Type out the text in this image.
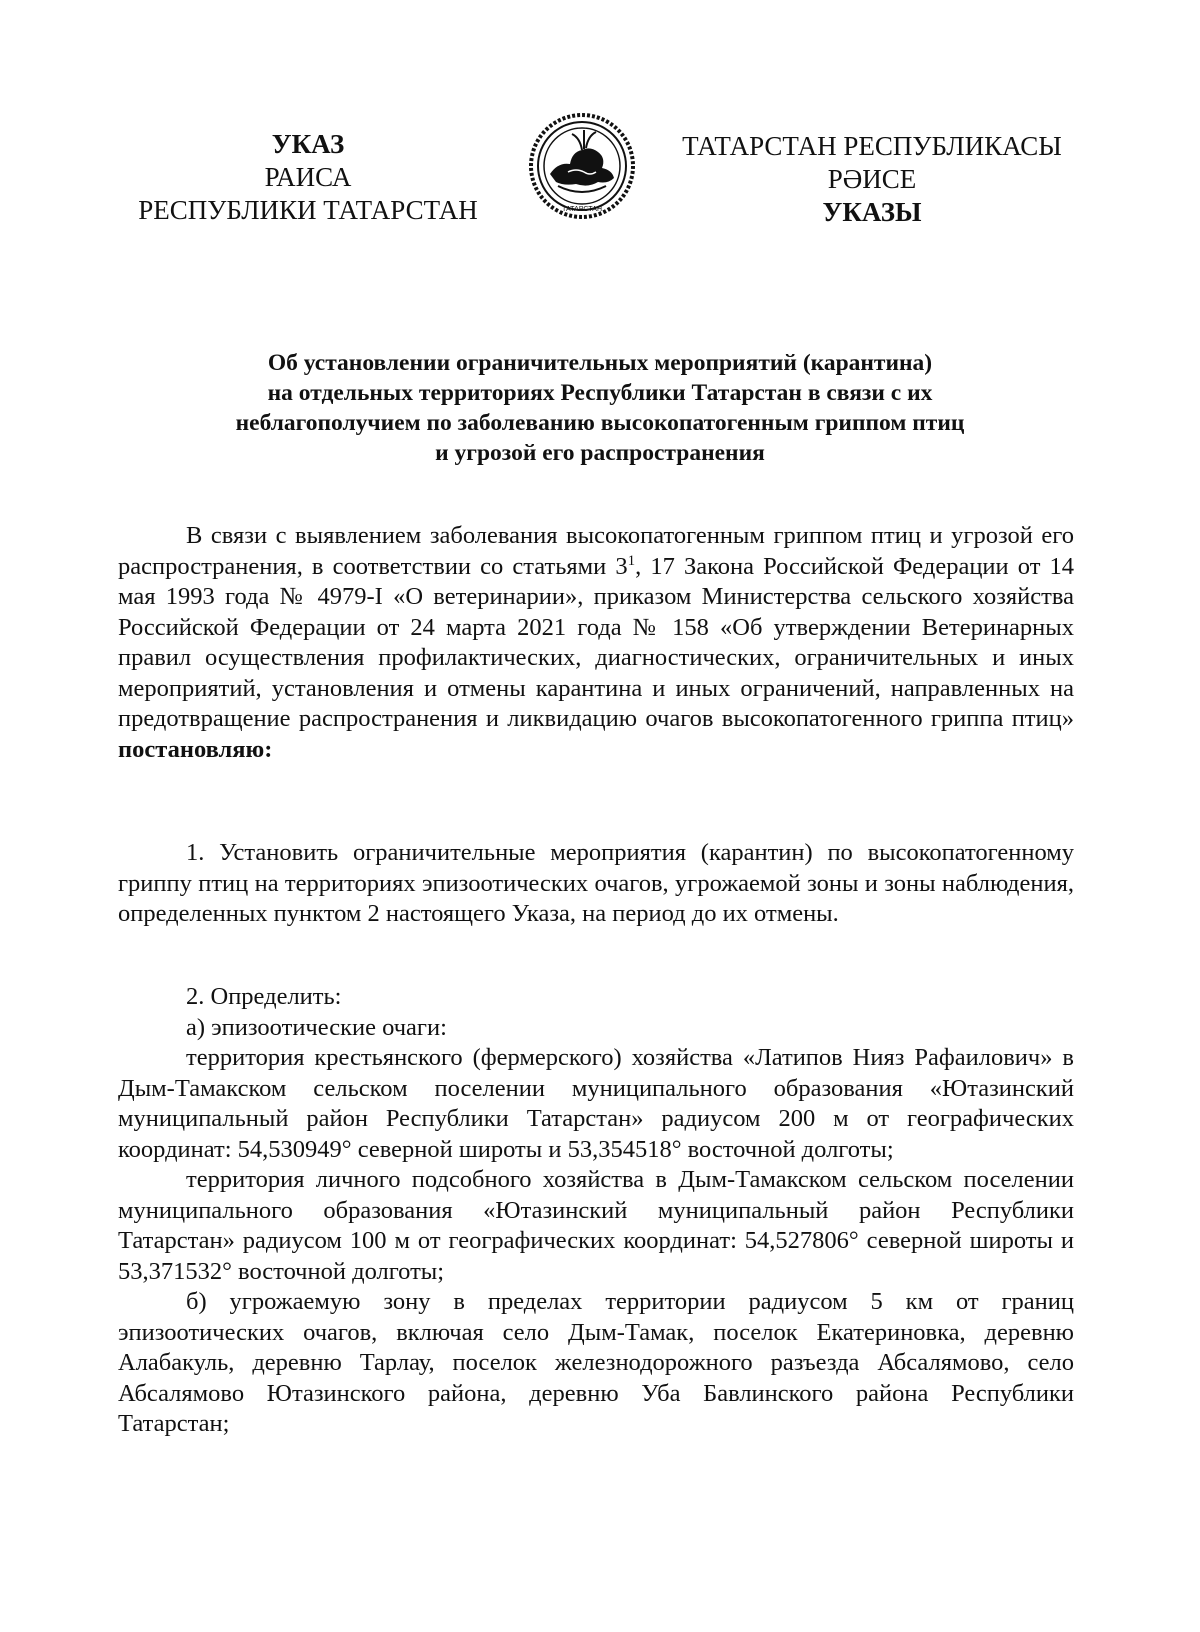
УКАЗ
РАИСА
РЕСПУБЛИКИ ТАТАРСТАН	ТАТАРСТАН
ТАТАРСТАН РЕСПУБЛИКАСЫ
РӘИСЕ
УКАЗЫ
Об установлении ограничительных мероприятий (карантина)
на отдельных территориях Республики Татарстан в связи с их
неблагополучием по заболеванию высокопатогенным гриппом птиц
и угрозой его распространения

В связи с выявлением заболевания высокопатогенным гриппом птиц и угрозой его распространения, в соответствии со статьями $3^1$, 17 Закона Российской Федерации от 14 мая 1993 года № 4979-I «О ветеринарии», приказом Министерства сельского хозяйства Российской Федерации от 24 марта 2021 года № 158 «Об утверждении Ветеринарных правил осуществления профилактических, диагностических, ограничительных и иных мероприятий, установления и отмены карантина и иных ограничений, направленных на предотвращение распространения и ликвидацию очагов высокопатогенного гриппа птиц» постановляю:

1. Установить ограничительные мероприятия (карантин) по высокопатогенному гриппу птиц на территориях эпизоотических очагов, угрожаемой зоны и зоны наблюдения, определенных пунктом 2 настоящего Указа, на период до их отмены.

2. Определить:

а) эпизоотические очаги:

территория крестьянского (фермерского) хозяйства «Латипов Нияз Рафаилович» в Дым-Тамакском сельском поселении муниципального образования «Ютазинский муниципальный район Республики Татарстан» радиусом 200 м от географических координат: 54,530949° северной широты и 53,354518° восточной долготы;

территория личного подсобного хозяйства в Дым-Тамакском сельском поселении муниципального образования «Ютазинский муниципальный район Республики Татарстан» радиусом 100 м от географических координат: 54,527806° северной широты и 53,371532° восточной долготы;

б) угрожаемую зону в пределах территории радиусом 5 км от границ эпизоотических очагов, включая село Дым-Тамак, поселок Екатериновка, деревню Алабакуль, деревню Тарлау, поселок железнодорожного разъезда Абсалямово, село Абсалямово Ютазинского района, деревню Уба Бавлинского района Республики Татарстан;
